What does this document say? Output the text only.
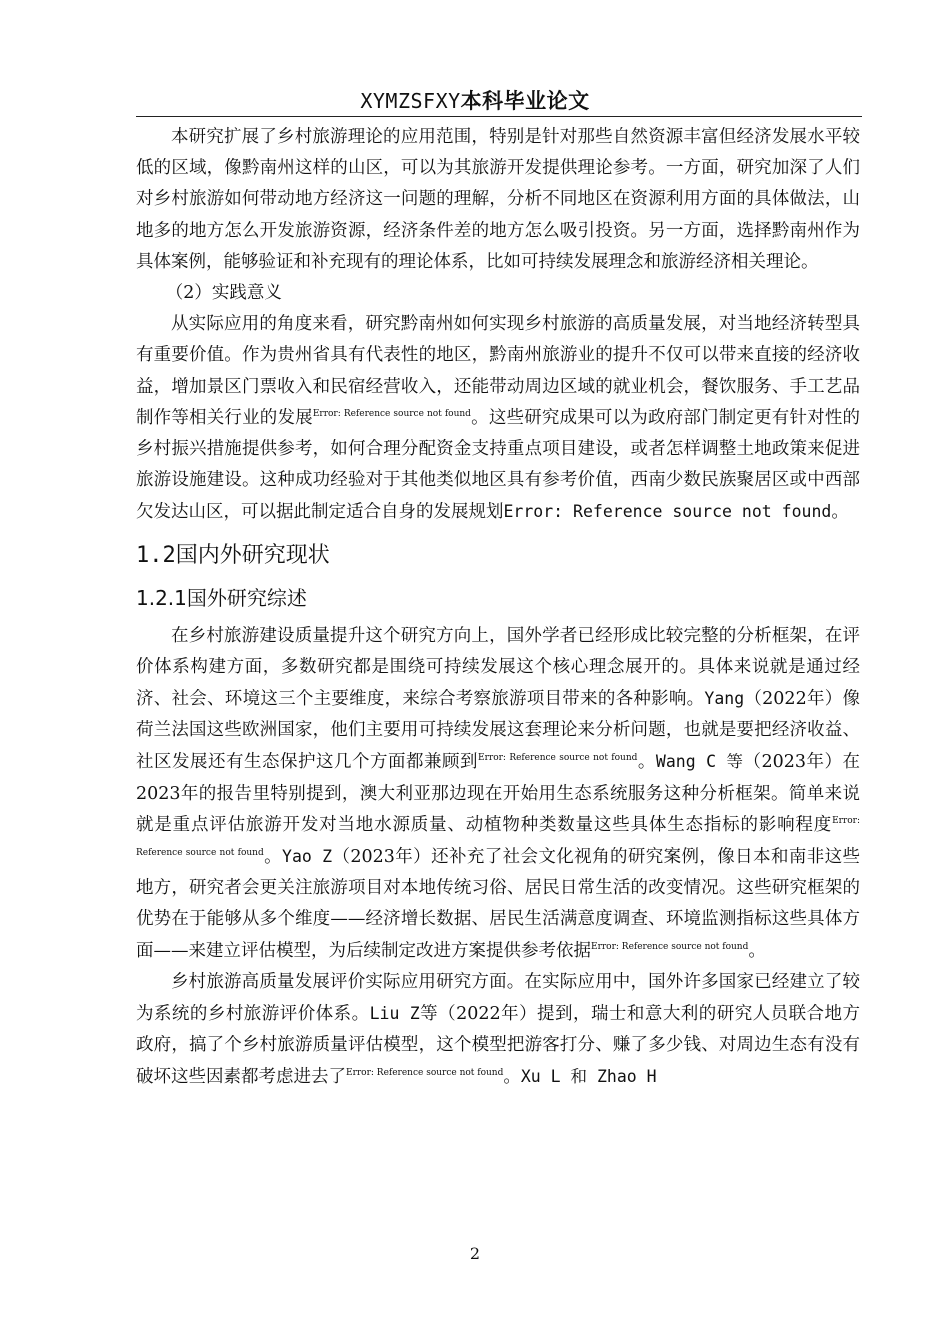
XYMZSFXY本科毕业论文

本研究扩展了乡村旅游理论的应用范围，特别是针对那些自然资源丰富但经济发展水平较低的区域，像黔南州这样的山区，可以为其旅游开发提供理论参考。一方面，研究加深了人们对乡村旅游如何带动地方经济这一问题的理解，分析不同地区在资源利用方面的具体做法，山地多的地方怎么开发旅游资源，经济条件差的地方怎么吸引投资。另一方面，选择黔南州作为具体案例，能够验证和补充现有的理论体系，比如可持续发展理念和旅游经济相关理论。

（2）实践意义

从实际应用的角度来看，研究黔南州如何实现乡村旅游的高质量发展，对当地经济转型具有重要价值。作为贵州省具有代表性的地区，黔南州旅游业的提升不仅可以带来直接的经济收益，增加景区门票收入和民宿经营收入，还能带动周边区域的就业机会，餐饮服务、手工艺品制作等相关行业的发展$^{Error: Reference source not found}$。这些研究成果可以为政府部门制定更有针对性的乡村振兴措施提供参考，如何合理分配资金支持重点项目建设，或者怎样调整土地政策来促进旅游设施建设。这种成功经验对于其他类似地区具有参考价值，西南少数民族聚居区或中西部欠发达山区，可以据此制定适合自身的发展规划Error: Reference source not found。

1.2国内外研究现状
1.2.1国外研究综述

在乡村旅游建设质量提升这个研究方向上，国外学者已经形成比较完整的分析框架，在评价体系构建方面，多数研究都是围绕可持续发展这个核心理念展开的。具体来说就是通过经济、社会、环境这三个主要维度，来综合考察旅游项目带来的各种影响。Yang（2022年）像荷兰法国这些欧洲国家，他们主要用可持续发展这套理论来分析问题，也就是要把经济收益、社区发展还有生态保护这几个方面都兼顾到$^{Error: Reference source not found}$。Wang C 等（2023年）在2023年的报告里特别提到，澳大利亚那边现在开始用生态系统服务这种分析框架。简单来说就是重点评估旅游开发对当地水源质量、动植物种类数量这些具体生态指标的影响程度$^{Error: Reference source not found}$。Yao Z（2023年）还补充了社会文化视角的研究案例，像日本和南非这些地方，研究者会更关注旅游项目对本地传统习俗、居民日常生活的改变情况。这些研究框架的优势在于能够从多个维度——经济增长数据、居民生活满意度调查、环境监测指标这些具体方面——来建立评估模型，为后续制定改进方案提供参考依据$^{Error: Reference source not found}$。

乡村旅游高质量发展评价实际应用研究方面。在实际应用中，国外许多国家已经建立了较为系统的乡村旅游评价体系。Liu Z等（2022年）提到，瑞士和意大利的研究人员联合地方政府，搞了个乡村旅游质量评估模型，这个模型把游客打分、赚了多少钱、对周边生态有没有破坏这些因素都考虑进去了$^{Error: Reference source not found}$。Xu L 和 Zhao H

2
